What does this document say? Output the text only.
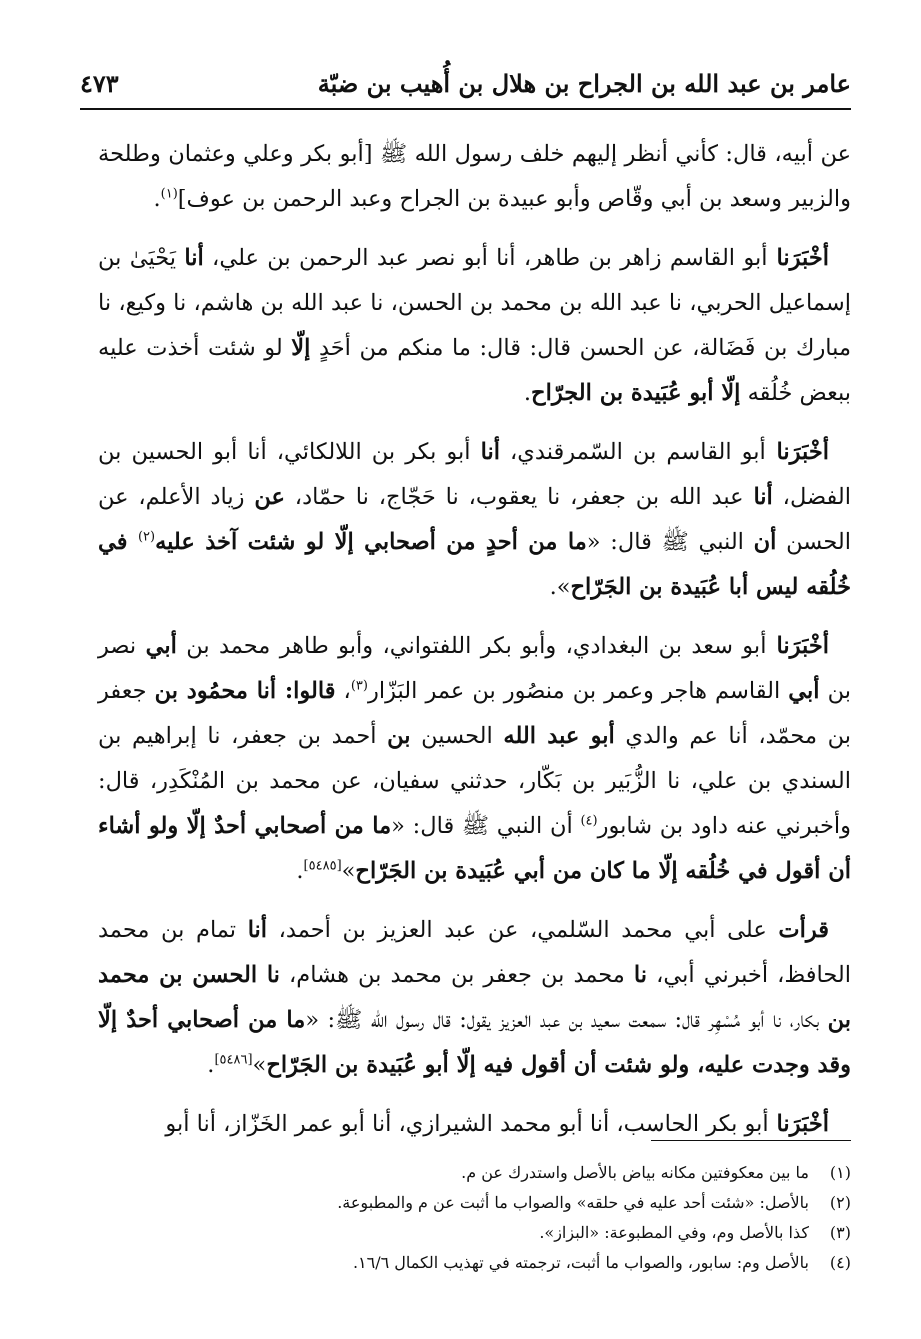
عامر بن عبد الله بن الجراح بن هلال بن أُهيب بن ضبّة
٤٧٣

عن أبيه، قال: كأني أنظر إليهم خلف رسول الله ﷺ [أبو بكر وعلي وعثمان وطلحة والزبير وسعد بن أبي وقّاص وأبو عبيدة بن الجراح وعبد الرحمن بن عوف]$^{(١)}$.

أخْبَرَنا أبو القاسم زاهر بن طاهر، أنا أبو نصر عبد الرحمن بن علي، أنا يَحْيَىٰ بن إسماعيل الحربي، نا عبد الله بن محمد بن الحسن، نا عبد الله بن هاشم، نا وكيع، نا مبارك بن فَضَالة، عن الحسن قال: قال: ما منكم من أحَدٍ إلّا لو شئت أخذت عليه ببعض خُلُقه إلّا أبو عُبَيدة بن الجرّاح.

أخْبَرَنا أبو القاسم بن السّمرقندي، أنا أبو بكر بن اللالكائي، أنا أبو الحسين بن الفضل، أنا عبد الله بن جعفر، نا يعقوب، نا حَجّاج، نا حمّاد، عن زياد الأعلم، عن الحسن أن النبي ﷺ قال: «ما من أحدٍ من أصحابي إلّا لو شئت آخذ عليه$^{(٢)}$ في خُلُقه ليس أبا عُبَيدة بن الجَرّاح».

أخْبَرَنا أبو سعد بن البغدادي، وأبو بكر اللفتواني، وأبو طاهر محمد بن أبي نصر بن أبي القاسم هاجر وعمر بن منصُور بن عمر البَزّار$^{(٣)}$، قالوا: أنا محمُود بن جعفر بن محمّد، أنا عم والدي أبو عبد الله الحسين بن أحمد بن جعفر، نا إبراهيم بن السندي بن علي، نا الزُّبَير بن بَكّار، حدثني سفيان، عن محمد بن المُنْكَدِر، قال: وأخبرني عنه داود بن شابور$^{(٤)}$ أن النبي ﷺ قال: «ما من أصحابي أحدٌ إلّا ولو أشاء أن أقول في خُلُقه إلّا ما كان من أبي عُبَيدة بن الجَرّاح»[٥٤٨٥].

قرأت على أبي محمد السّلمي، عن عبد العزيز بن أحمد، أنا تمام بن محمد الحافظ، أخبرني أبي، نا محمد بن جعفر بن محمد بن هشام، نا الحسن بن محمد بن بكار، نا أبو مُسْهِر قال: سمعت سعيد بن عبد العزيز يقول: قال رسول الله ﷺ: «ما من أصحابي أحدٌ إلّا وقد وجدت عليه، ولو شئت أن أقول فيه إلّا أبو عُبَيدة بن الجَرّاح»[٥٤٨٦].

أخْبَرَنا أبو بكر الحاسب، أنا أبو محمد الشيرازي، أنا أبو عمر الخَزّاز، أنا أبو

(١)
ما بين معكوفتين مكانه بياض بالأصل واستدرك عن م.
(٢)
بالأصل: «شئت أحد عليه في حلقه» والصواب ما أثبت عن م والمطبوعة.
(٣)
كذا بالأصل وم، وفي المطبوعة: «البزاز».
(٤)
بالأصل وم: سابور، والصواب ما أثبت، ترجمته في تهذيب الكمال ١٦/٦.
